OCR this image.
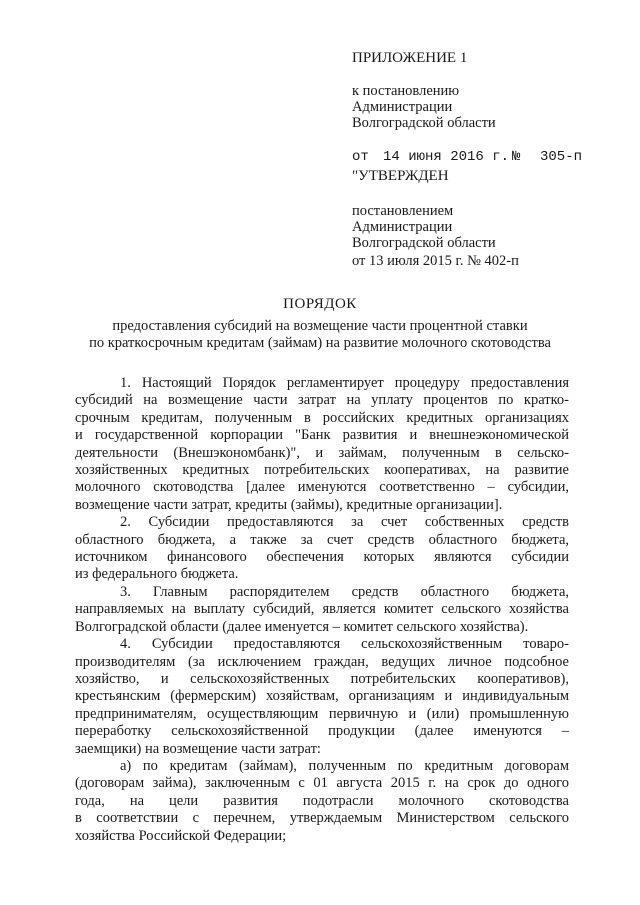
ПРИЛОЖЕНИЕ 1
к постановлению
Администрации
Волгоградской области
от 14 июня 2016 г. № 305-п
"УТВЕРЖДЕН
постановлением
Администрации
Волгоградской области
от 13 июля 2015 г. № 402-п
ПОРЯДОК
предоставления субсидий на возмещение части процентной ставки
по краткосрочным кредитам (займам) на развитие молочного скотоводства
1. Настоящий Порядок регламентирует процедуру предоставления
субсидий на возмещение части затрат на уплату процентов по кратко-
срочным кредитам, полученным в российских кредитных организациях
и государственной корпорации "Банк развития и внешнеэкономической
деятельности (Внешэкономбанк)", и займам, полученным в сельско-
хозяйственных кредитных потребительских кооперативах, на развитие
молочного скотоводства [далее именуются соответственно – субсидии,
возмещение части затрат, кредиты (займы), кредитные организации].
2. Субсидии предоставляются за счет собственных средств
областного бюджета, а также за счет средств областного бюджета,
источником финансового обеспечения которых являются субсидии
из федерального бюджета.
3. Главным распорядителем средств областного бюджета,
направляемых на выплату субсидий, является комитет сельского хозяйства
Волгоградской области (далее именуется – комитет сельского хозяйства).
4. Субсидии предоставляются сельскохозяйственным товаро-
производителям (за исключением граждан, ведущих личное подсобное
хозяйство, и сельскохозяйственных потребительских кооперативов),
крестьянским (фермерским) хозяйствам, организациям и индивидуальным
предпринимателям, осуществляющим первичную и (или) промышленную
переработку сельскохозяйственной продукции (далее именуются –
заемщики) на возмещение части затрат:
а) по кредитам (займам), полученным по кредитным договорам
(договорам займа), заключенным с 01 августа 2015 г. на срок до одного
года, на цели развития подотрасли молочного скотоводства
в соответствии с перечнем, утверждаемым Министерством сельского
хозяйства Российской Федерации;
